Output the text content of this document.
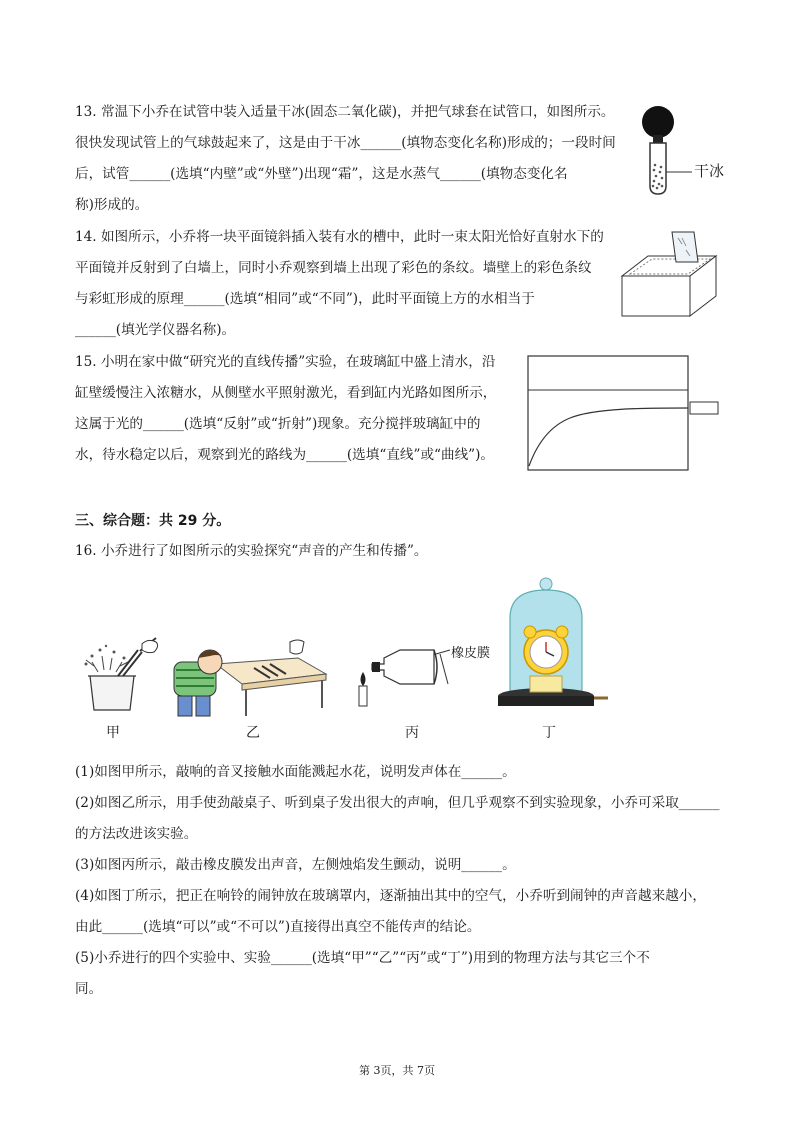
13. 常温下小乔在试管中装入适量干冰(固态二氧化碳)，并把气球套在试管口，如图所示。
很快发现试管上的气球鼓起来了，这是由于干冰______(填物态变化名称)形成的；一段时间
后，试管______(选填“内壁”或“外壁”)出现“霜”，这是水蒸气______(填物态变化名
称)形成的。
干冰
14. 如图所示，小乔将一块平面镜斜插入装有水的槽中，此时一束太阳光恰好直射水下的
平面镜并反射到了白墙上，同时小乔观察到墙上出现了彩色的条纹。墙壁上的彩色条纹
与彩虹形成的原理______(选填“相同”或“不同”)，此时平面镜上方的水相当于
______(填光学仪器名称)。
15. 小明在家中做“研究光的直线传播”实验，在玻璃缸中盛上清水，沿
缸壁缓慢注入浓糖水，从侧壁水平照射激光，看到缸内光路如图所示，
这属于光的______(选填“反射”或“折射”)现象。充分搅拌玻璃缸中的
水，待水稳定以后，观察到光的路线为______(选填“直线”或“曲线”)。
三、综合题：共 29 分。
16. 小乔进行了如图所示的实验探究“声音的产生和传播”。
甲	乙
橡皮膜
丙	丁
(1)如图甲所示，敲响的音叉接触水面能溅起水花，说明发声体在______。
(2)如图乙所示，用手使劲敲桌子、听到桌子发出很大的声响，但几乎观察不到实验现象，小乔可采取______
的方法改进该实验。
(3)如图丙所示，敲击橡皮膜发出声音，左侧烛焰发生颤动，说明______。
(4)如图丁所示，把正在响铃的闹钟放在玻璃罩内，逐渐抽出其中的空气，小乔听到闹钟的声音越来越小，
由此______(选填“可以”或“不可以”)直接得出真空不能传声的结论。
(5)小乔进行的四个实验中、实验______(选填“甲”“乙”“丙”或“丁”)用到的物理方法与其它三个不
同。
第 3页，共 7页
